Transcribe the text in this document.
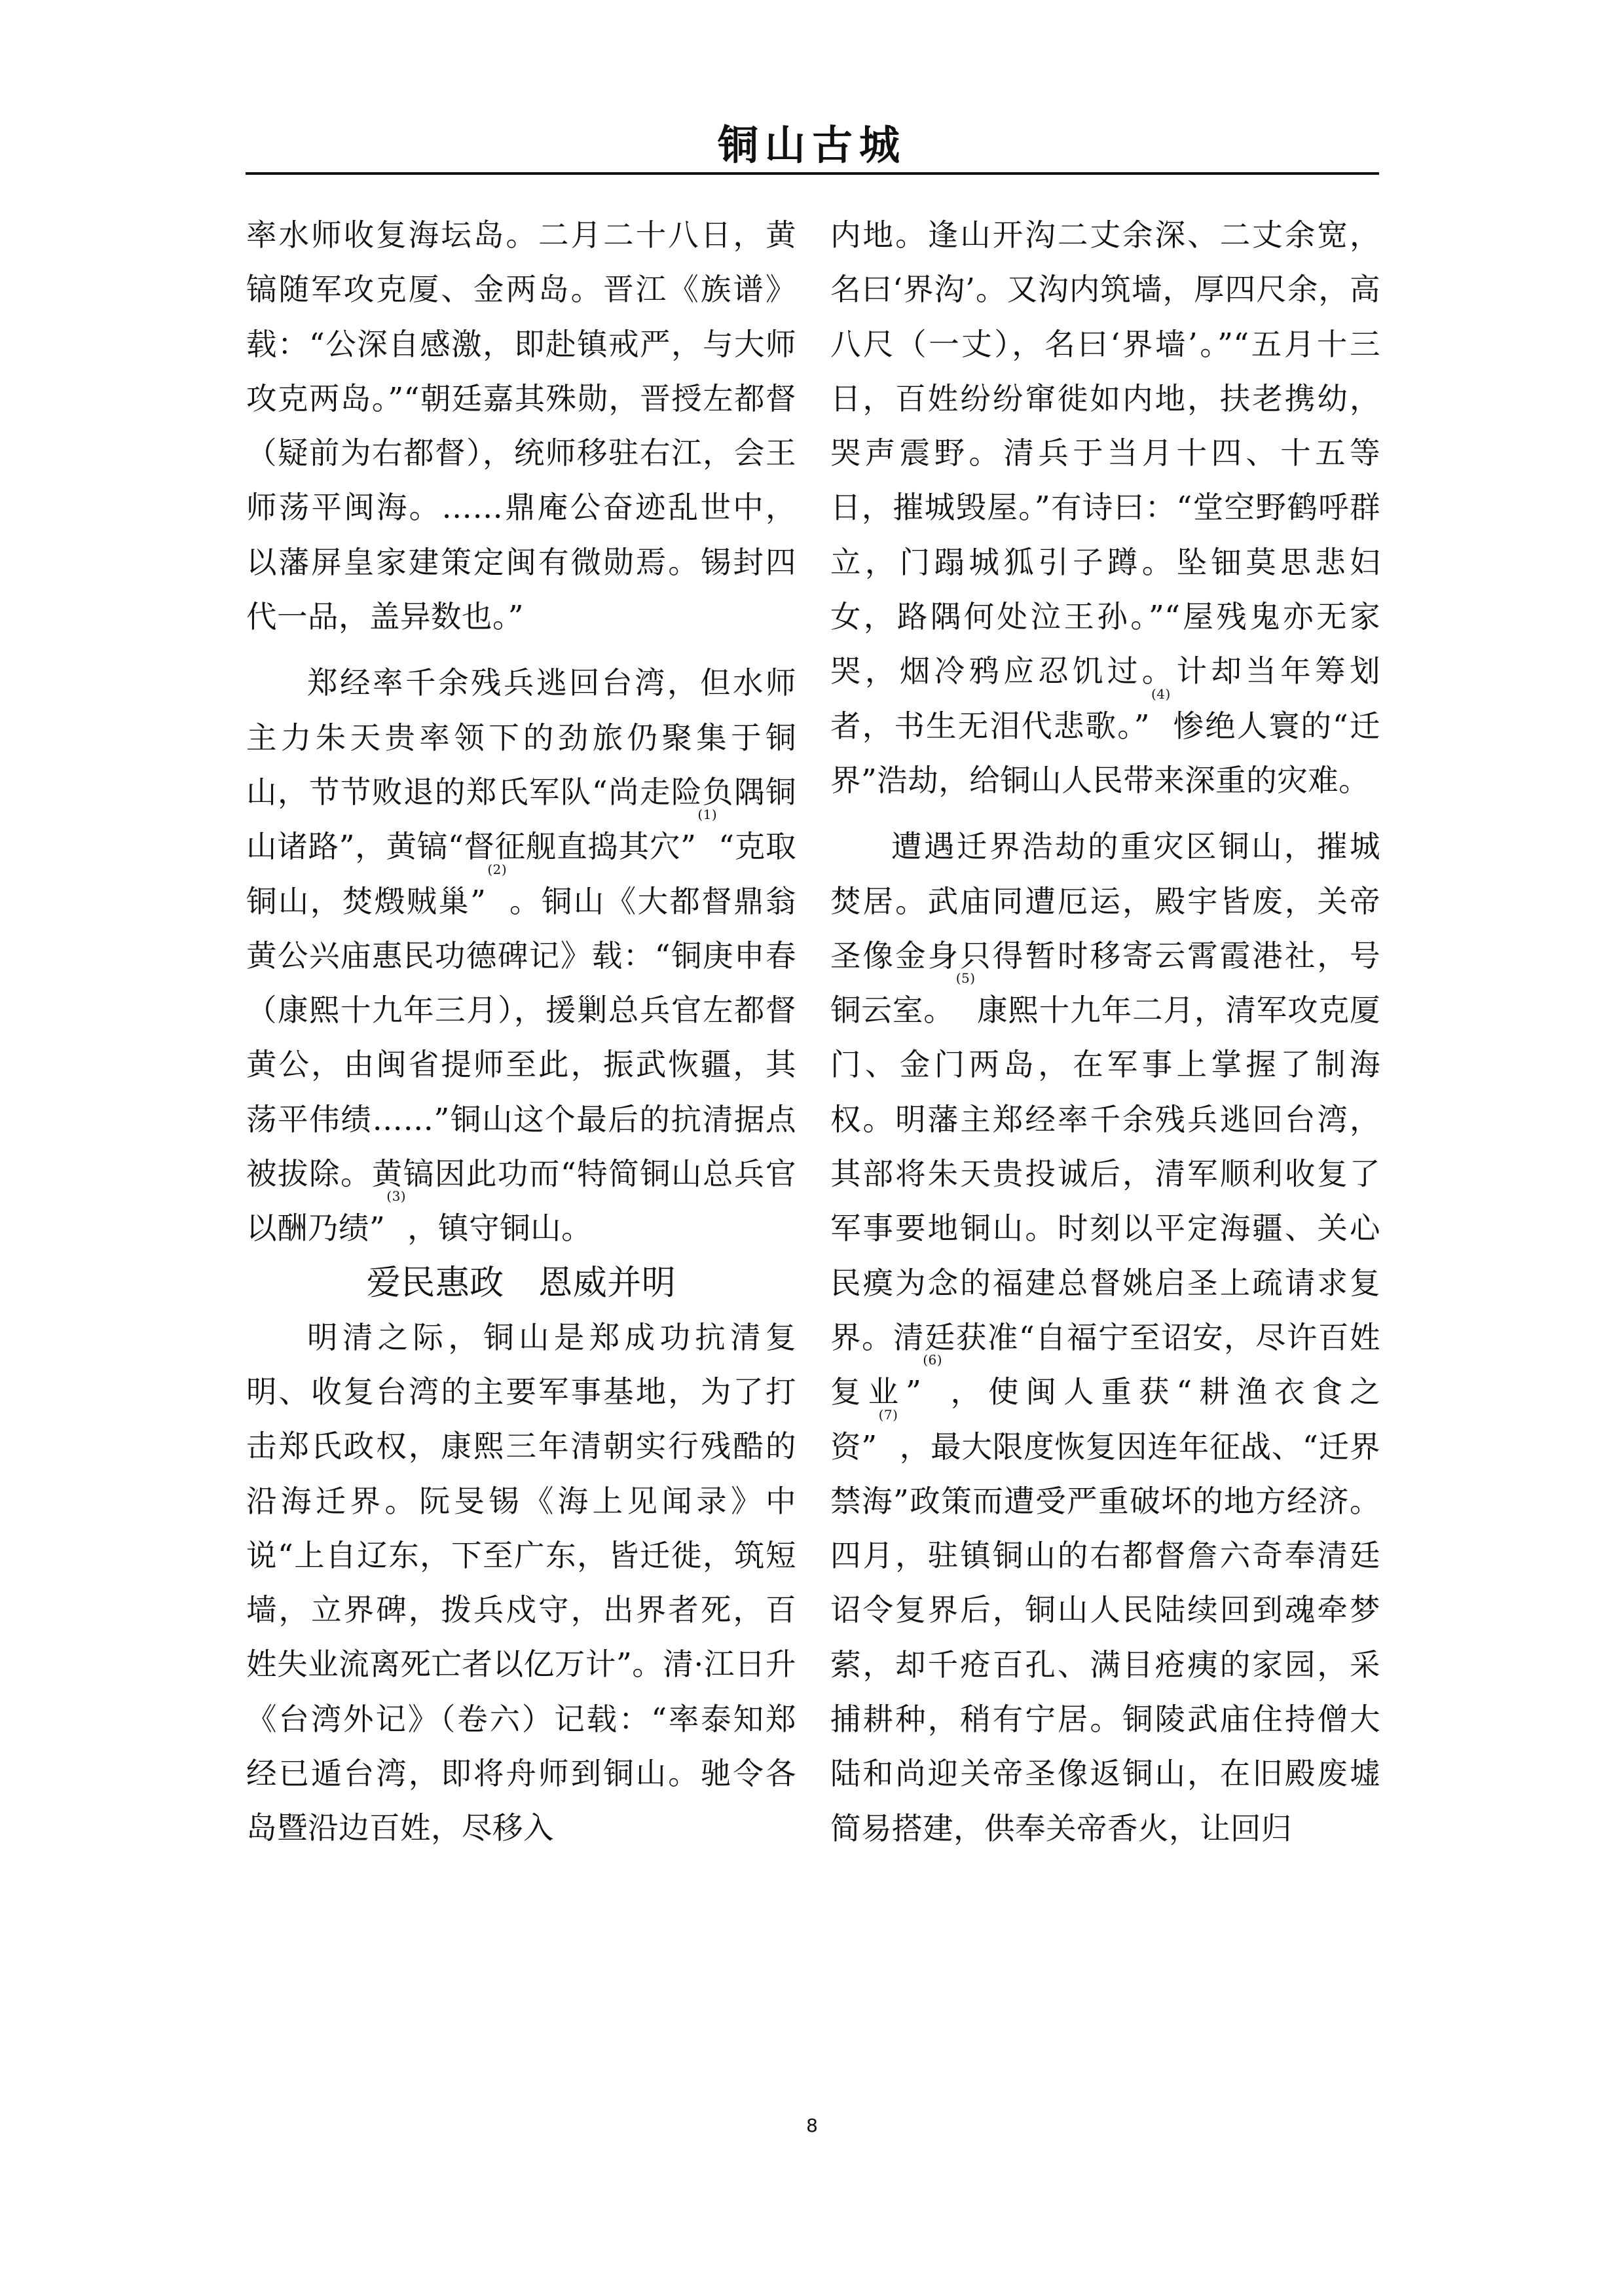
铜山古城

率水师收复海坛岛。二月二十八日，黄镐随军攻克厦、金两岛。晋江《族谱》载：“公深自感激，即赴镇戒严，与大师攻克两岛。”“朝廷嘉其殊勋，晋授左都督（疑前为右都督），统师移驻右江，会王师荡平闽海。……鼎庵公奋迹乱世中，以藩屏皇家建策定闽有微勋焉。锡封四代一品，盖异数也。”

郑经率千余残兵逃回台湾，但水师主力朱天贵率领下的劲旅仍聚集于铜山，节节败退的郑氏军队“尚走险负隅铜山诸路”，黄镐“督征舰直捣其穴”$^{(1)}$“克取铜山，焚燬贼巢”$^{(2)}$。铜山《大都督鼎翁黄公兴庙惠民功德碑记》载：“铜庚申春（康熙十九年三月），援剿总兵官左都督黄公，由闽省提师至此，振武恢疆，其荡平伟绩……”铜山这个最后的抗清据点被拔除。黄镐因此功而“特简铜山总兵官以酬乃绩”$^{(3)}$，镇守铜山。

爱民惠政　恩威并明

明清之际，铜山是郑成功抗清复明、收复台湾的主要军事基地，为了打击郑氏政权，康熙三年清朝实行残酷的沿海迁界。阮旻锡《海上见闻录》中说“上自辽东，下至广东，皆迁徙，筑短墙，立界碑，拨兵戍守，出界者死，百姓失业流离死亡者以亿万计”。清·江日升《台湾外记》（卷六）记载：“率泰知郑经已遁台湾，即将舟师到铜山。驰令各岛暨沿边百姓，尽移入

内地。逢山开沟二丈余深、二丈余宽，名曰‘界沟’。又沟内筑墙，厚四尺余，高八尺（一丈），名曰‘界墙’。”“五月十三日，百姓纷纷窜徙如内地，扶老携幼，哭声震野。清兵于当月十四、十五等日，摧城毁屋。”有诗曰：“堂空野鹤呼群立，门蹋城狐引子蹲。坠钿莫思悲妇女，路隅何处泣王孙。”“屋残鬼亦无家哭，烟冷鸦应忍饥过。计却当年筹划者，书生无泪代悲歌。”$^{(4)}$惨绝人寰的“迁界”浩劫，给铜山人民带来深重的灾难。

遭遇迁界浩劫的重灾区铜山，摧城焚居。武庙同遭厄运，殿宇皆废，关帝圣像金身只得暂时移寄云霄霞港社，号铜云室。$^{(5)}$康熙十九年二月，清军攻克厦门、金门两岛，在军事上掌握了制海权。明藩主郑经率千余残兵逃回台湾，其部将朱天贵投诚后，清军顺利收复了军事要地铜山。时刻以平定海疆、关心民瘼为念的福建总督姚启圣上疏请求复界。清廷获准“自福宁至诏安，尽许百姓复业”$^{(6)}$，使闽人重获“耕渔衣食之资”$^{(7)}$，最大限度恢复因连年征战、“迁界禁海”政策而遭受严重破坏的地方经济。四月，驻镇铜山的右都督詹六奇奉清廷诏令复界后，铜山人民陆续回到魂牵梦萦，却千疮百孔、满目疮痍的家园，采捕耕种，稍有宁居。铜陵武庙住持僧大陆和尚迎关帝圣像返铜山，在旧殿废墟简易搭建，供奉关帝香火，让回归

8
